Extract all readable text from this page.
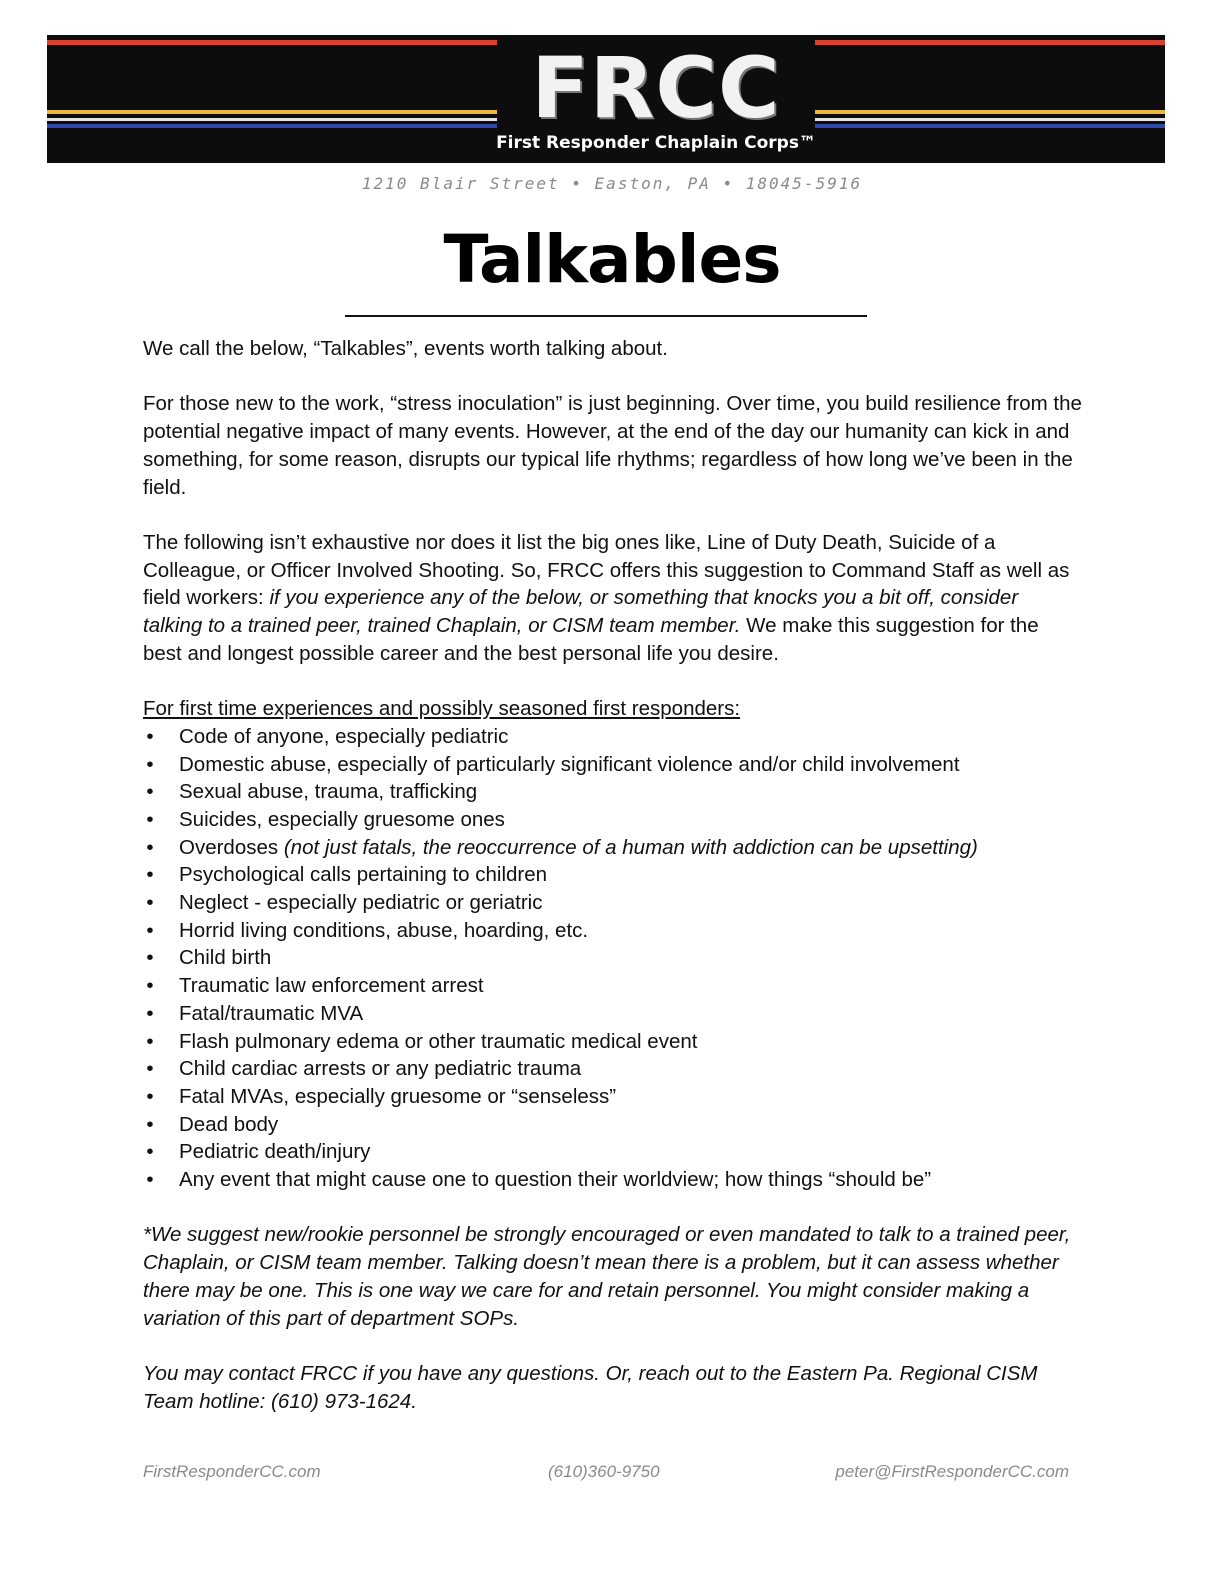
FRCC
First Responder Chaplain Corps™
1210 Blair Street • Easton, PA • 18045-5916
Talkables

We call the below, “Talkables”, events worth talking about.

For those new to the work, “stress inoculation” is just beginning. Over time, you build resilience from the potential negative impact of many events. However, at the end of the day our humanity can kick in and something, for some reason, disrupts our typical life rhythms; regardless of how long we’ve been in the field.

The following isn’t exhaustive nor does it list the big ones like, Line of Duty Death, Suicide of a Colleague, or Officer Involved Shooting. So, FRCC offers this suggestion to Command Staff as well as field workers: if you experience any of the below, or something that knocks you a bit off, consider talking to a trained peer, trained Chaplain, or CISM team member. We make this suggestion for the best and longest possible career and the best personal life you desire.

For first time experiences and possibly seasoned first responders:
• Code of anyone, especially pediatric
• Domestic abuse, especially of particularly significant violence and/or child involvement
• Sexual abuse, trauma, trafficking
• Suicides, especially gruesome ones
• Overdoses (not just fatals, the reoccurrence of a human with addiction can be upsetting)
• Psychological calls pertaining to children
• Neglect - especially pediatric or geriatric
• Horrid living conditions, abuse, hoarding, etc.
• Child birth
• Traumatic law enforcement arrest
• Fatal/traumatic MVA
• Flash pulmonary edema or other traumatic medical event
• Child cardiac arrests or any pediatric trauma
• Fatal MVAs, especially gruesome or “senseless”
• Dead body
• Pediatric death/injury
• Any event that might cause one to question their worldview; how things “should be”

*We suggest new/rookie personnel be strongly encouraged or even mandated to talk to a trained peer, Chaplain, or CISM team member. Talking doesn’t mean there is a problem, but it can assess whether there may be one. This is one way we care for and retain personnel. You might consider making a variation of this part of department SOPs.

You may contact FRCC if you have any questions. Or, reach out to the Eastern Pa. Regional CISM Team hotline: (610) 973-1624.

FirstResponderCC.com	(610)360-9750	peter@FirstResponderCC.com
